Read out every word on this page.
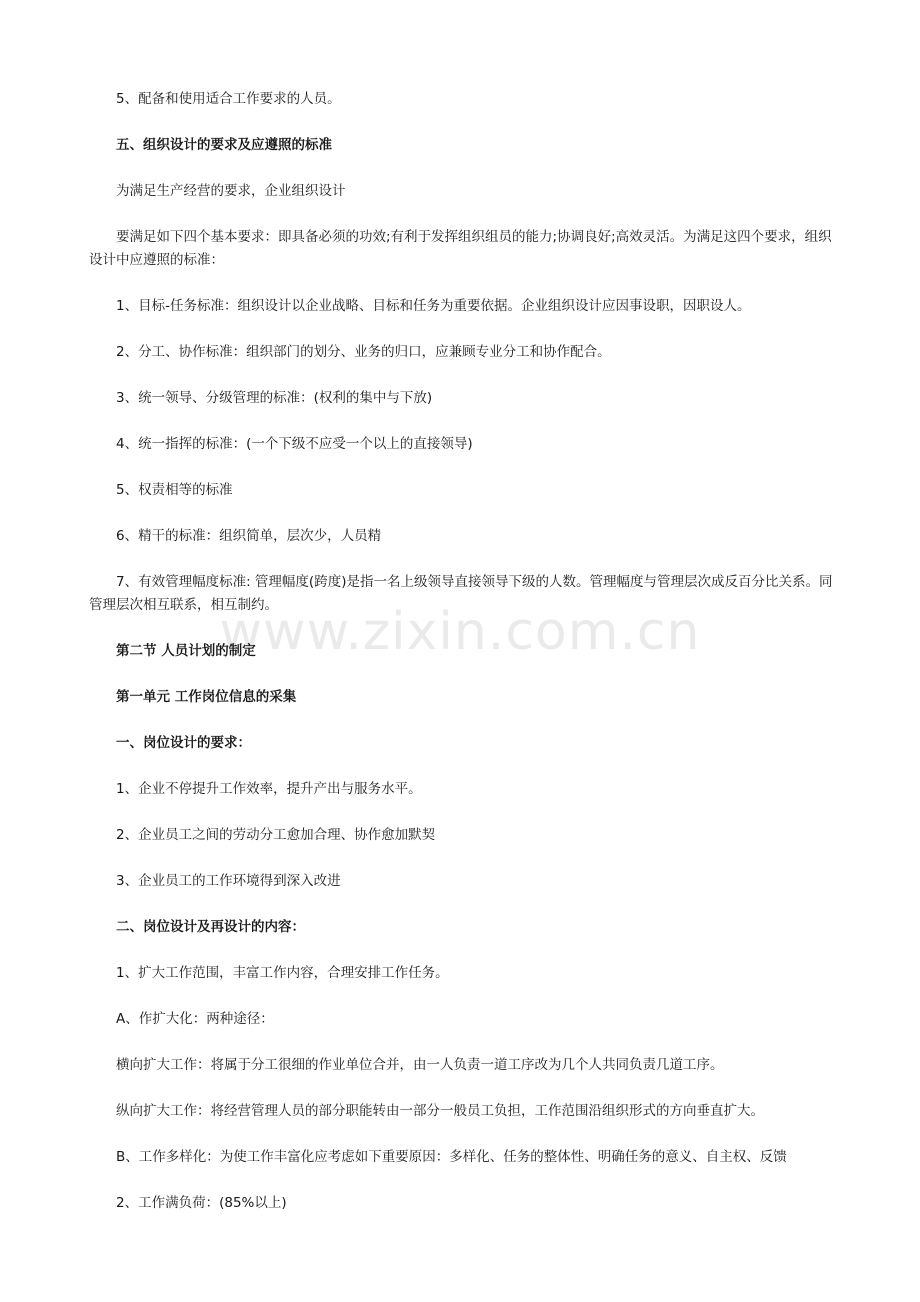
www.zixin.com.cn

5、配备和使用适合工作要求的人员。

五、组织设计的要求及应遵照的标准

为满足生产经营的要求，企业组织设计

要满足如下四个基本要求：即具备必须的功效;有利于发挥组织组员的能力;协调良好;高效灵活。为满足这四个要求，组织设计中应遵照的标准：

1、目标-任务标准：组织设计以企业战略、目标和任务为重要依据。企业组织设计应因事设职，因职设人。

2、分工、协作标准：组织部门的划分、业务的归口，应兼顾专业分工和协作配合。

3、统一领导、分级管理的标准：(权利的集中与下放)

4、统一指挥的标准：(一个下级不应受一个以上的直接领导)

5、权责相等的标准

6、精干的标准：组织简单，层次少，人员精

7、有效管理幅度标准: 管理幅度(跨度)是指一名上级领导直接领导下级的人数。管理幅度与管理层次成反百分比关系。同管理层次相互联系，相互制约。

第二节 人员计划的制定

第一单元 工作岗位信息的采集

一、岗位设计的要求：

1、企业不停提升工作效率，提升产出与服务水平。

2、企业员工之间的劳动分工愈加合理、协作愈加默契

3、企业员工的工作环境得到深入改进

二、岗位设计及再设计的内容：

1、扩大工作范围，丰富工作内容，合理安排工作任务。

A、作扩大化：两种途径：

横向扩大工作：将属于分工很细的作业单位合并，由一人负责一道工序改为几个人共同负责几道工序。

纵向扩大工作：将经营管理人员的部分职能转由一部分一般员工负担，工作范围沿组织形式的方向垂直扩大。

B、工作多样化：为使工作丰富化应考虑如下重要原因：多样化、任务的整体性、明确任务的意义、自主权、反馈

2、工作满负荷：(85%以上)
